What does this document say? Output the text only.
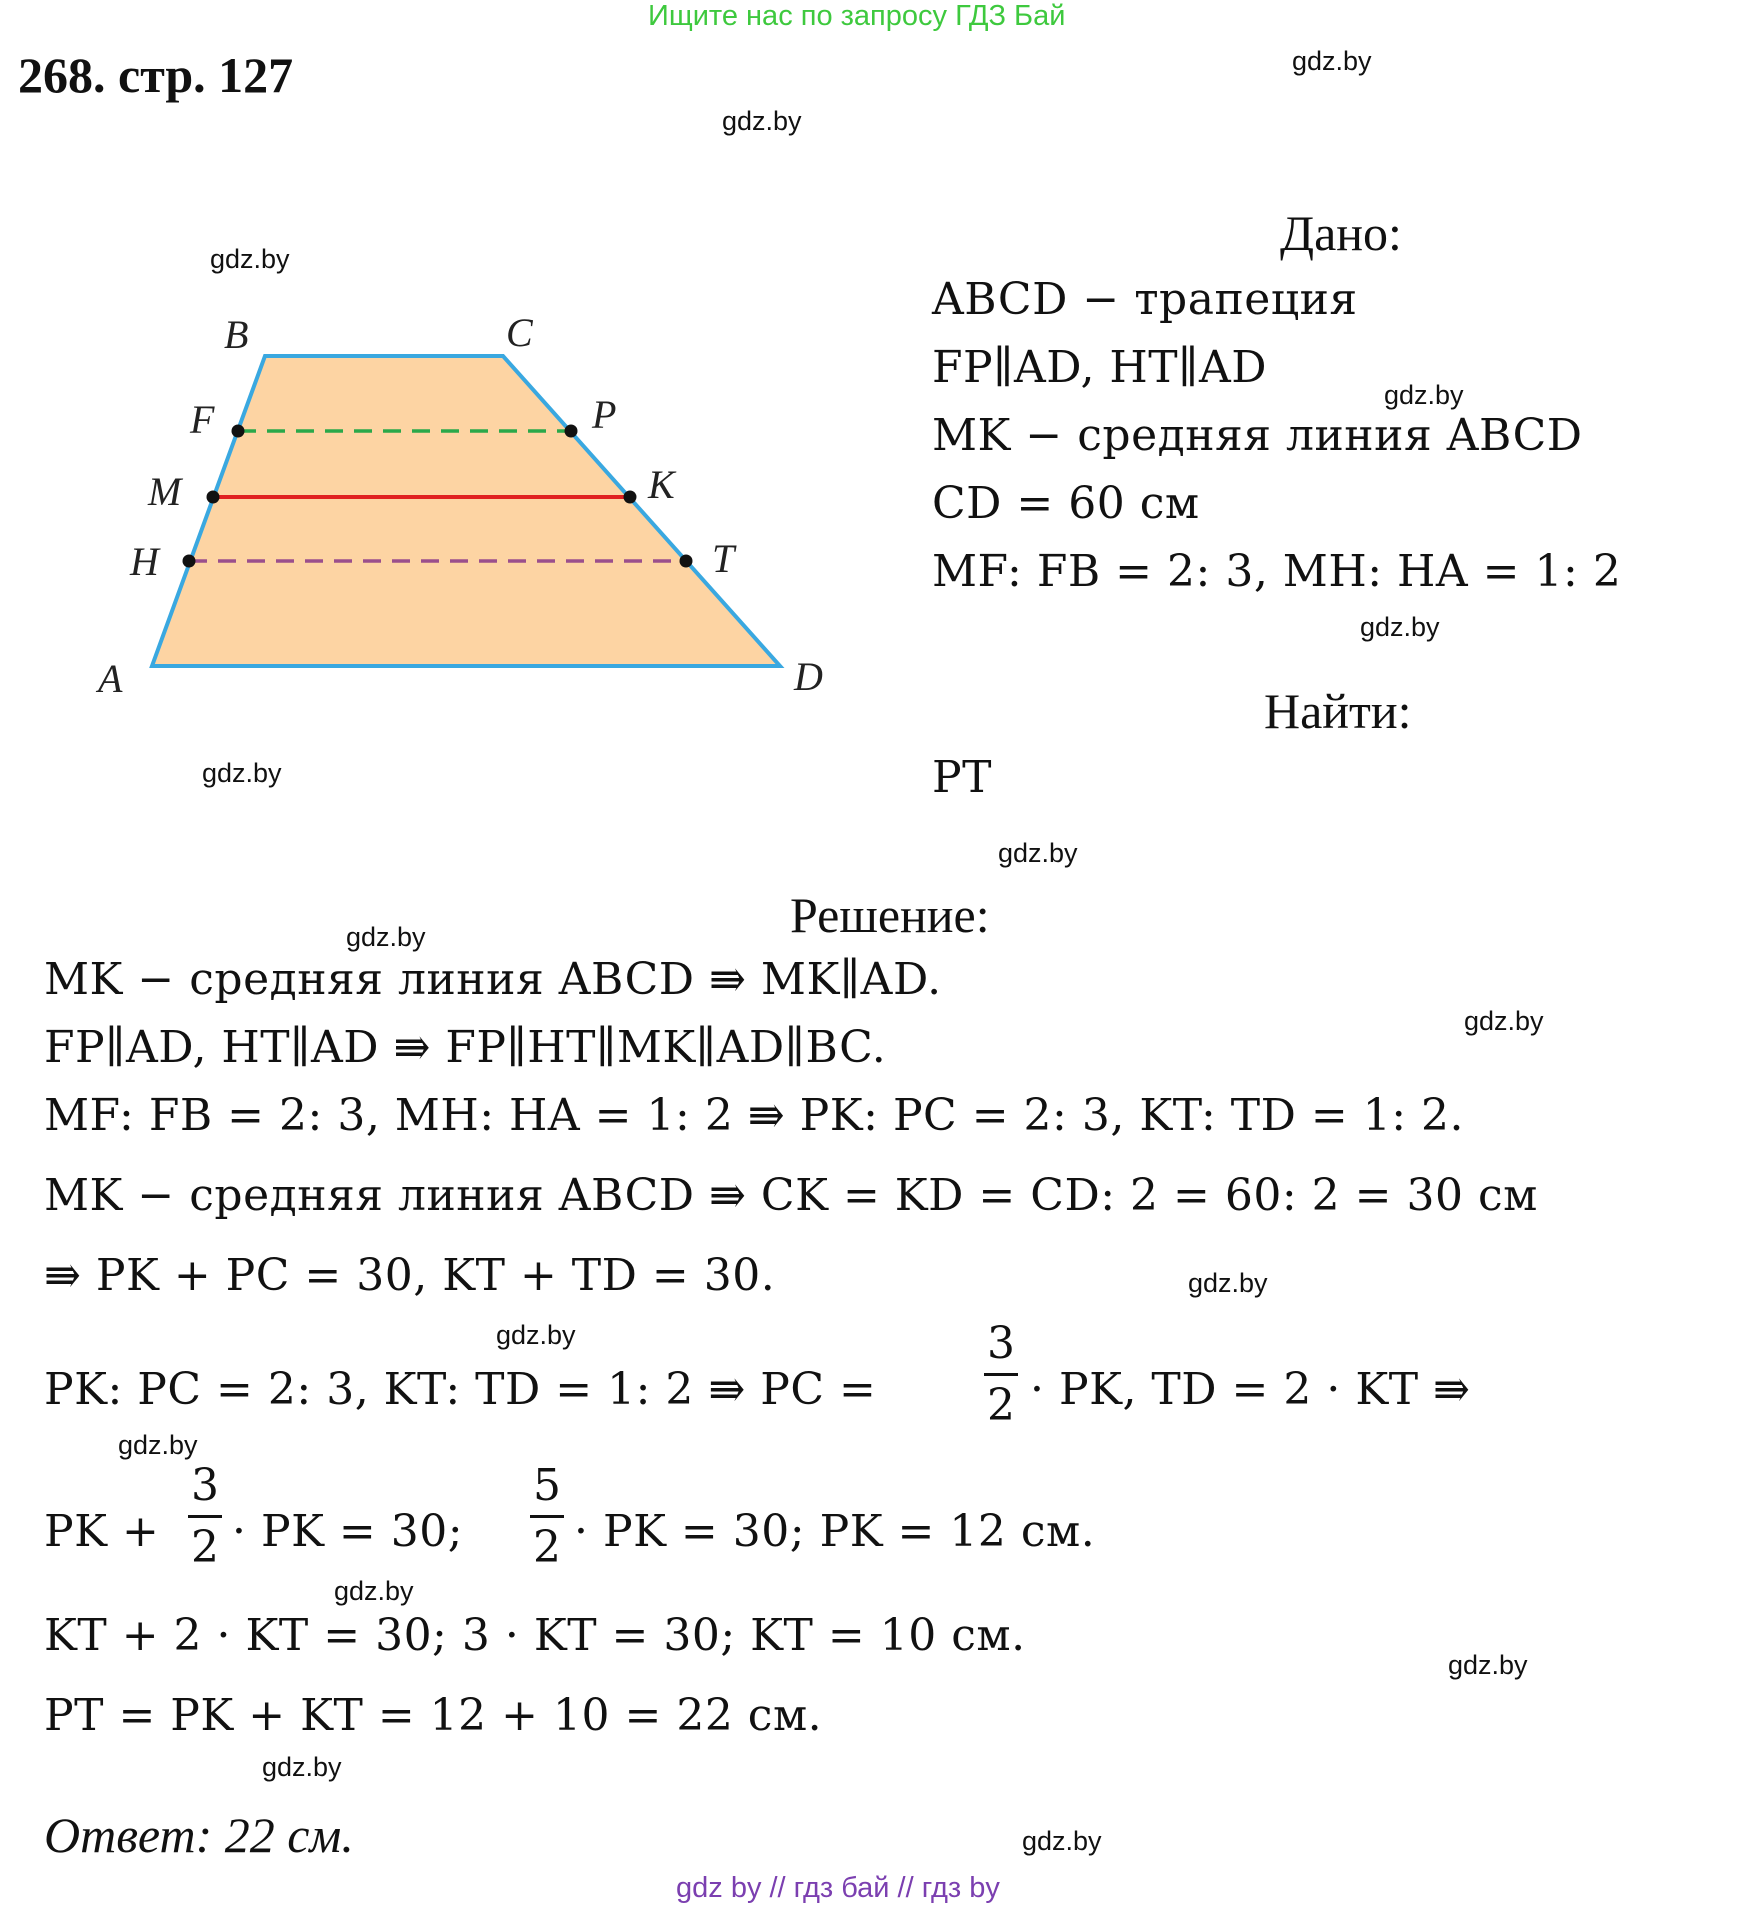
Ищите нас по запросу ГДЗ Бай
268. стр. 127	gdz.by
gdz.by
gdz.by
gdz.by
gdz.by
gdz.by
gdz.by
gdz.by
gdz.by
gdz.by
gdz.by
gdz.by
gdz.by
gdz.by
gdz.by
gdz.by
B	C
F	P
M	K
H	T
A	D
Дано:
ABCD − трапеция
FP∥AD, HT∥AD
MK − средняя линия ABCD
CD = 60 см
MF: FB = 2: 3, MH: HA = 1: 2
Найти:
PT
Решение:
MK − средняя линия ABCD ⇛ MK∥AD.
FP∥AD, HT∥AD ⇛ FP∥HT∥MK∥AD∥BC.
MF: FB = 2: 3, MH: HA = 1: 2 ⇛ PK: PC = 2: 3, KT: TD = 1: 2.
MK − средняя линия ABCD ⇛ CK = KD = CD: 2 = 60: 2 = 30 см
⇛ PK + PC = 30, KT + TD = 30.
PK: PC = 2: 3, KT: TD = 1: 2 ⇛ PC =
3
2 · PK, TD = 2 · KT ⇛
PK +
3
2 · PK = 30;
5
2 · PK = 30; PK = 12 см.
KT + 2 · KT = 30; 3 · KT = 30; KT = 10 см.
PT = PK + KT = 12 + 10 = 22 см.
Ответ: 22 см.
gdz by // гдз бай // гдз by
